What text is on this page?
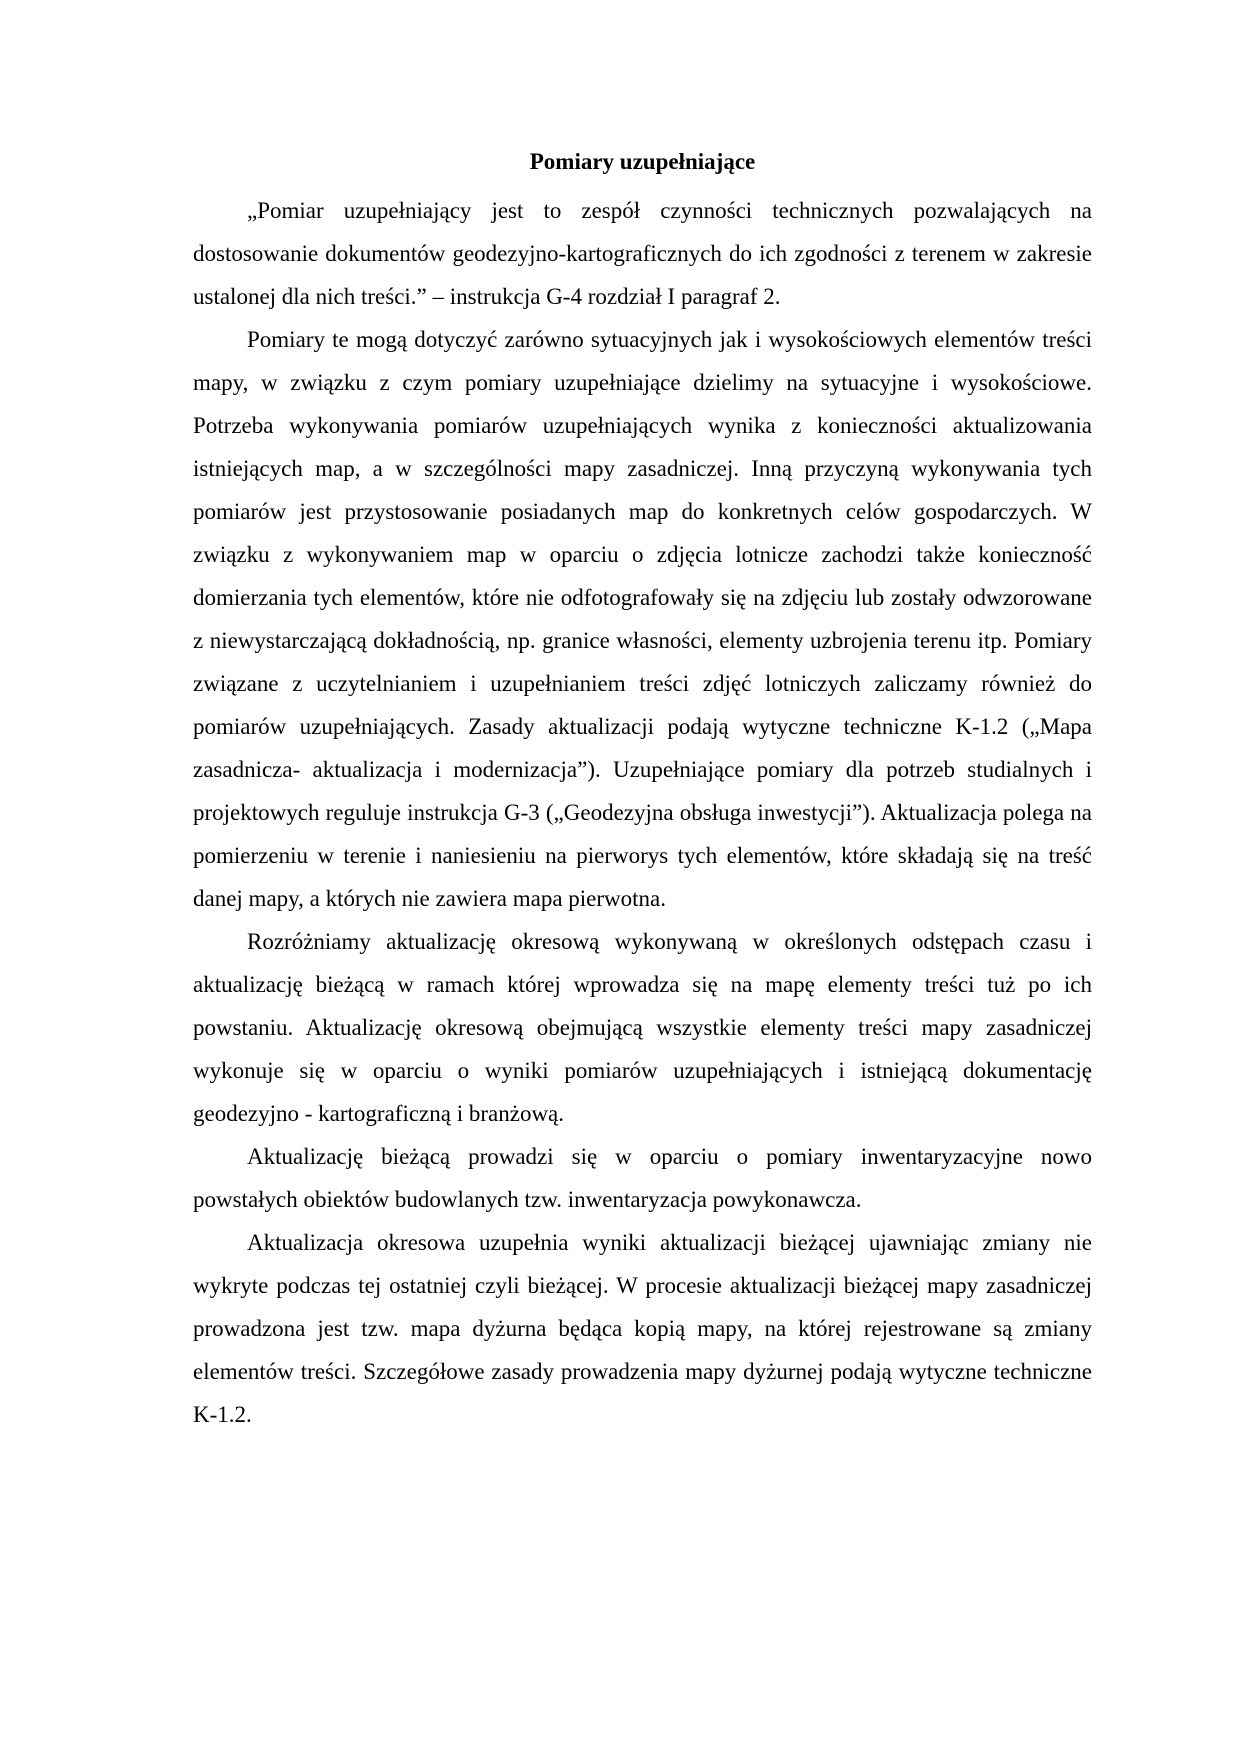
Pomiary uzupełniające

„Pomiar uzupełniający jest to zespół czynności technicznych pozwalających na dostosowanie dokumentów geodezyjno-kartograficznych do ich zgodności z terenem w zakresie ustalonej dla nich treści.” – instrukcja G-4 rozdział I paragraf 2.

Pomiary te mogą dotyczyć zarówno sytuacyjnych jak i wysokościowych elementów treści mapy, w związku z czym pomiary uzupełniające dzielimy na sytuacyjne i wysokościowe. Potrzeba wykonywania pomiarów uzupełniających wynika z konieczności aktualizowania istniejących map, a w szczególności mapy zasadniczej. Inną przyczyną wykonywania tych pomiarów jest przystosowanie posiadanych map do konkretnych celów gospodarczych. W związku z wykonywaniem map w oparciu o zdjęcia lotnicze zachodzi także konieczność domierzania tych elementów, które nie odfotografowały się na zdjęciu lub zostały odwzorowane z niewystarczającą dokładnością, np. granice własności, elementy uzbrojenia terenu itp. Pomiary związane z uczytelnianiem i uzupełnianiem treści zdjęć lotniczych zaliczamy również do pomiarów uzupełniających. Zasady aktualizacji podają wytyczne techniczne K-1.2 („Mapa zasadnicza- aktualizacja i modernizacja”). Uzupełniające pomiary dla potrzeb studialnych i projektowych reguluje instrukcja G-3 („Geodezyjna obsługa inwestycji”). Aktualizacja polega na pomierzeniu w terenie i naniesieniu na pierworys tych elementów, które składają się na treść danej mapy, a których nie zawiera mapa pierwotna.

Rozróżniamy aktualizację okresową wykonywaną w określonych odstępach czasu i aktualizację bieżącą w ramach której wprowadza się na mapę elementy treści tuż po ich powstaniu. Aktualizację okresową obejmującą wszystkie elementy treści mapy zasadniczej wykonuje się w oparciu o wyniki pomiarów uzupełniających i istniejącą dokumentację geodezyjno - kartograficzną i branżową.

Aktualizację bieżącą prowadzi się w oparciu o pomiary inwentaryzacyjne nowo powstałych obiektów budowlanych tzw. inwentaryzacja powykonawcza.

Aktualizacja okresowa uzupełnia wyniki aktualizacji bieżącej ujawniając zmiany nie wykryte podczas tej ostatniej czyli bieżącej. W procesie aktualizacji bieżącej mapy zasadniczej prowadzona jest tzw. mapa dyżurna będąca kopią mapy, na której rejestrowane są zmiany elementów treści. Szczegółowe zasady prowadzenia mapy dyżurnej podają wytyczne techniczne K-1.2.
